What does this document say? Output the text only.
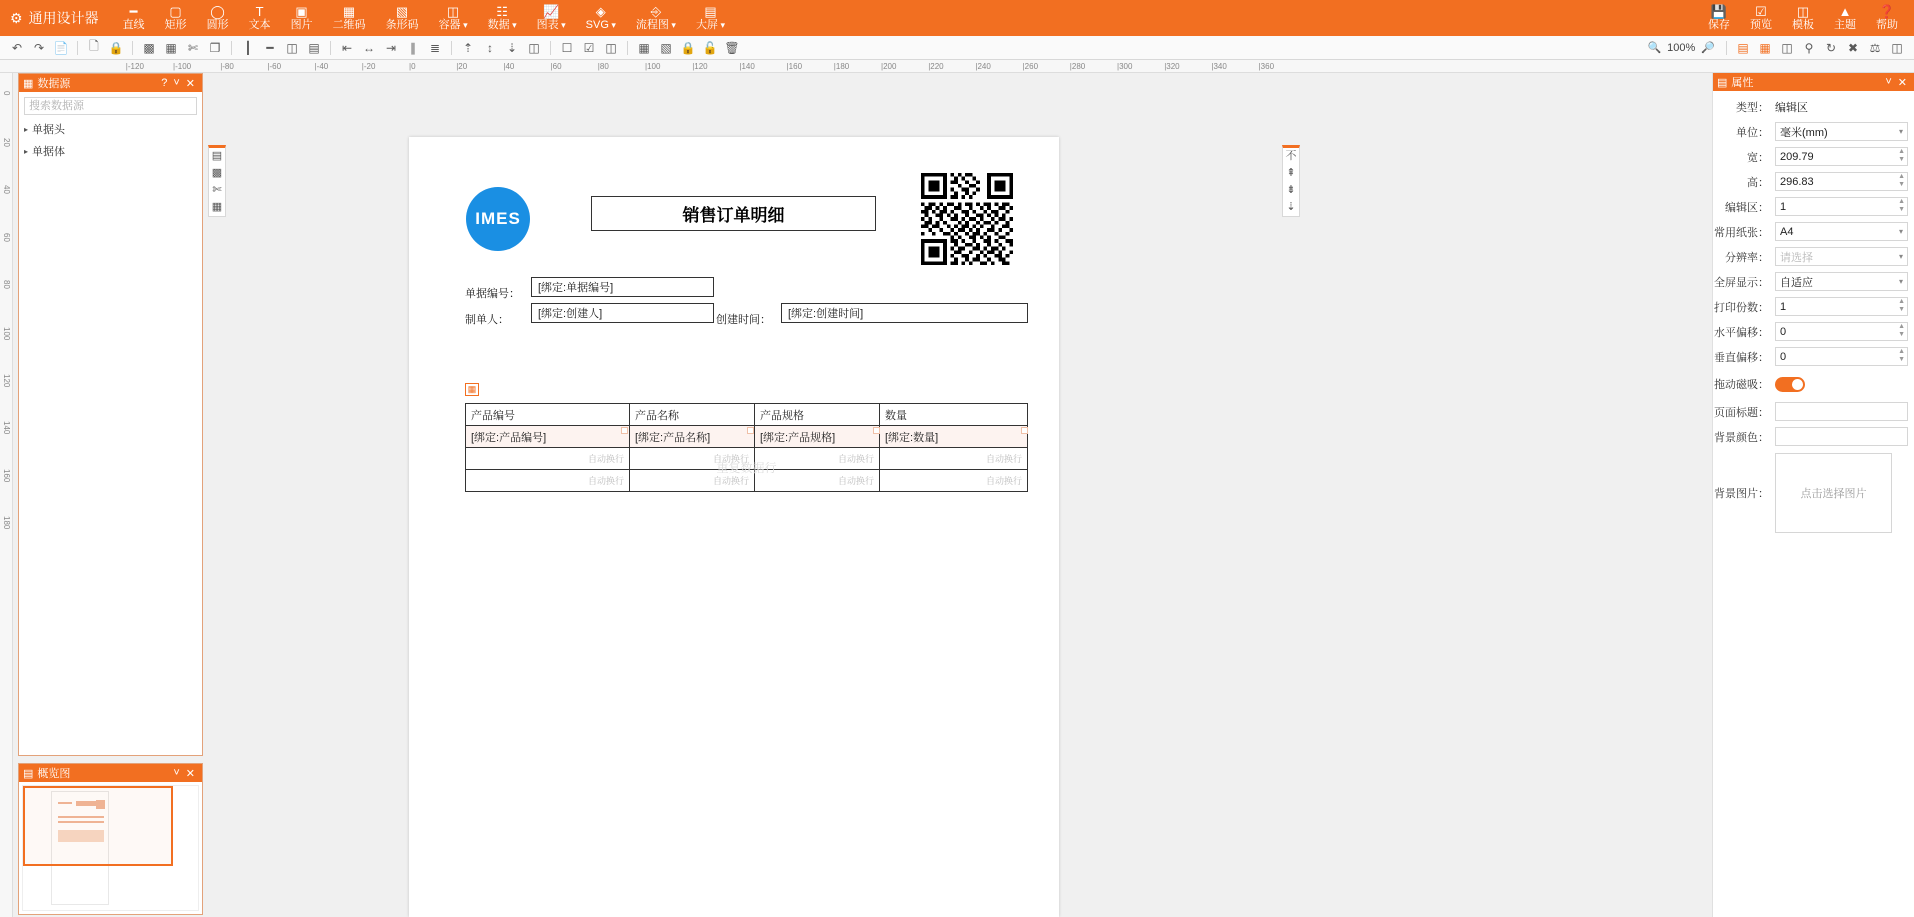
⚙ 通用设计器 ━
直线
▢
矩形
◯
圆形
T
文本
▣
图片
▦
二维码
▧
条形码
◫
容器 ▾
☷
数据 ▾
📈
图表 ▾
◈
SVG ▾
⎆
流程图 ▾
▤
大屏 ▾
💾
保存
☑
预览
◫
模板
▲
主题
❓
帮助
↶ ↷ 📄	🗋 🔒	▩ ▦ ✄ ❐	┃	━	◫ ▤	⇤ ↔ ⇥	∥	≣	⇡	↕	⇣ ◫	☐ ☑ ◫	▦ ▧ 🔒 🔓 🗑	🔍 100% 🔎	▤ ▦ ◫ ⚲	↻ ✖ ⚖ ◫
|-120	|-100	|-80	|-60	|-40	|-20	|0	|20	|40	|60	|80	|100	|120	|140	|160	|180	|200	|220	|240	|260	|280	|300	|320	|340	|360
0
20
40
60
80
100
120
140
160
180
▦ 数据源	? ˅ ✕
搜索数据源
▸ 单据头
▸ 单据体
▤ 概览图	˅ ✕
▤
▩
✄
▦
不
⇞
⇟
⇣
IMES	销售订单明细
单据编号： [绑定:单据编号]
制单人：	[绑定:创建人]	创建时间： [绑定:创建时间]
▦
产品编号	产品名称	产品规格	数量
[绑定:产品编号]	[绑定:产品名称]	[绑定:产品规格]	[绑定:数量]
自动换行	自动换行	自动换行	自动换行
自动换行	自动换行	自动换行	自动换行
重复数据行
▤ 属性	˅ ✕
类型： 编辑区
单位：	毫米(mm)	▾
宽：
209.79	▲
▼
高：
296.83	▲
▼
编辑区：
1	▲
▼
常用纸张：	A4	▾
分辨率：	请选择	▾
全屏显示：	自适应	▾
打印份数：
1	▲
▼
水平偏移：
0	▲
▼
垂直偏移：
0	▲
▼
拖动磁吸：
页面标题：
背景颜色：
背景图片：	点击选择图片
